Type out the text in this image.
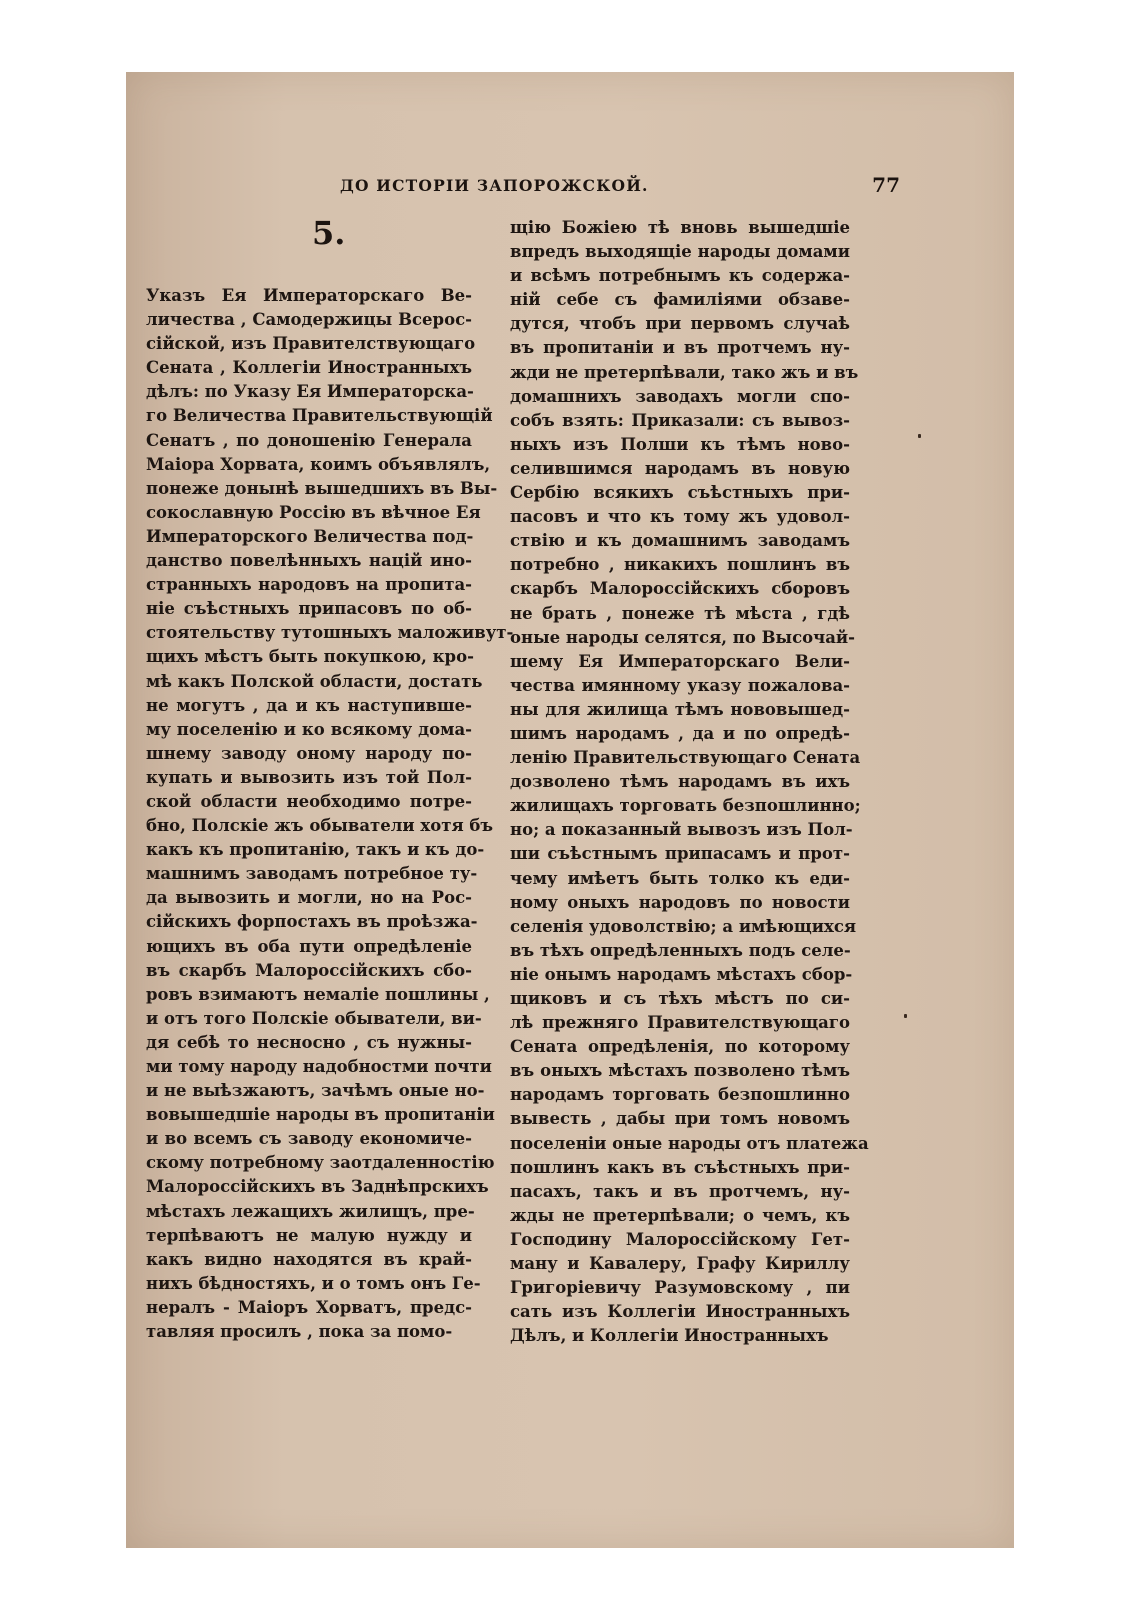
ДО ИСТОРІИ ЗАПОРОЖСКОЙ.	77
5.
Указъ Ея Императорскаго Ве-
личества , Самодержицы Всерос-
сійской, изъ Правителствующаго
Сената , Коллегіи Иностранныхъ
дѣлъ: по Указу Ея Императорска-
го Величества Правительствующій
Сенатъ , по доношенію Генерала
Маіора Хорвата, коимъ объявлялъ,
понеже донынѣ вышедшихъ въ Вы-
сокославную Россію въ вѣчное Ея
Императорского Величества под-
данство повелѣнныхъ націй ино-
странныхъ народовъ на пропита-
ніе съѣстныхъ припасовъ по об-
стоятельству тутошныхъ маложивут-
щихъ мѣстъ быть покупкою, кро-
мѣ какъ Полской области, достать
не могутъ , да и къ наступивше-
му поселенію и ко всякому дома-
шнему заводу оному народу по-
купать и вывозить изъ той Пол-
ской области необходимо потре-
бно, Полскіе жъ обыватели хотя бъ
какъ къ пропитанію, такъ и къ до-
машнимъ заводамъ потребное ту-
да вывозить и могли, но на Рос-
сійскихъ форпостахъ въ проѣзжа-
ющихъ въ оба пути опредѣленіе
въ скарбъ Малороссійскихъ сбо-
ровъ взимаютъ немаліе пошлины ,
и отъ того Полскіе обыватели, ви-
дя себѣ то несносно , съ нужны-
ми тому народу надобностми почти
и не выѣзжаютъ, зачѣмъ оные но-
вовышедшіе народы въ пропитаніи
и во всемъ съ заводу економиче-
скому потребному заотдаленностію
Малороссійскихъ въ Заднѣпрскихъ
мѣстахъ лежащихъ жилищъ, пре-
терпѣваютъ не малую нужду и
какъ видно находятся въ край-
нихъ бѣдностяхъ, и о томъ онъ Ге-
нералъ - Маіоръ Хорватъ, предс-
тавляя просилъ , пока за помо-
щію Божіею тѣ вновь вышедшіе
впредъ выходящіе народы домами
и всѣмъ потребнымъ къ содержа-
ній себе съ фамиліями обзаве-
дутся, чтобъ при первомъ случаѣ
въ пропитаніи и въ протчемъ ну-
жди не претерпѣвали, тако жъ и въ
домашнихъ заводахъ могли спо-
собъ взять: Приказали: съ вывоз-
ныхъ изъ Полши къ тѣмъ ново-
селившимся народамъ въ новую
Сербію всякихъ съѣстныхъ при-
пасовъ и что къ тому жъ удовол-
ствію и къ домашнимъ заводамъ
потребно , никакихъ пошлинъ въ
скарбъ Малороссійскихъ сборовъ
не брать , понеже тѣ мѣста , гдѣ
оные народы селятся, по Высочай-
шему Ея Императорскаго Вели-
чества имянному указу пожалова-
ны для жилища тѣмъ нововышед-
шимъ народамъ , да и по опредѣ-
ленію Правительствующаго Сената
дозволено тѣмъ народамъ въ ихъ
жилищахъ торговать безпошлинно;
но; а показанный вывозъ изъ Пол-
ши съѣстнымъ припасамъ и прот-
чему имѣетъ быть толко къ еди-
ному оныхъ народовъ по новости
селенія удоволствію; а имѣющихся
въ тѣхъ опредѣленныхъ подъ селе-
ніе онымъ народамъ мѣстахъ сбор-
щиковъ и съ тѣхъ мѣстъ по си-
лѣ прежняго Правителствующаго
Сената опредѣленія, по которому
въ оныхъ мѣстахъ позволено тѣмъ
народамъ торговать безпошлинно
вывесть , дабы при томъ новомъ
поселеніи оные народы отъ платежа
пошлинъ какъ въ съѣстныхъ при-
пасахъ, такъ и въ протчемъ, ну-
жды не претерпѣвали; о чемъ, къ
Господину Малороссійскому Гет-
ману и Кавалеру, Графу Кириллу
Григоріевичу Разумовскому , пи
сать изъ Коллегіи Иностранныхъ
Дѣлъ, и Коллегіи Иностранныхъ
